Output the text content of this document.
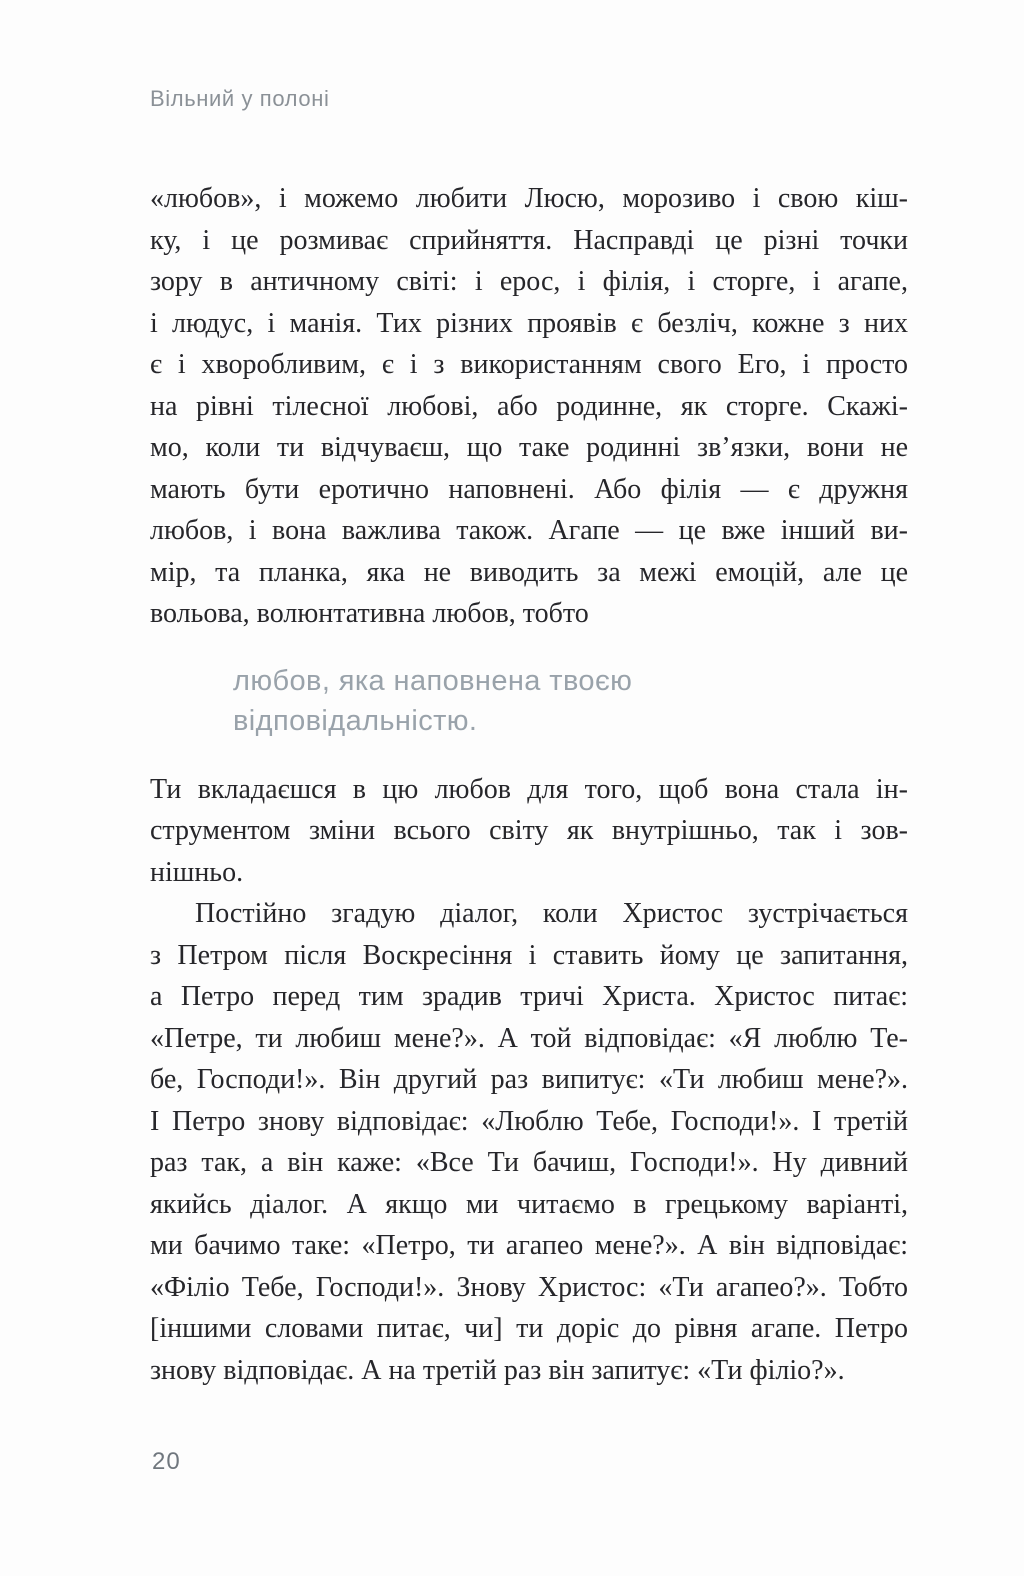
Вільний у полоні
«любов», і можемо любити Люсю, морозиво і свою кіш-
ку, і це розмиває сприйняття. Насправді це різні точки
зору в античному світі: і ерос, і філія, і сторге, і агапе,
і людус, і манія. Тих різних проявів є безліч, кожне з них
є і хворобливим, є і з використанням свого Его, і просто
на рівні тілесної любові, або родинне, як сторге. Скажі-
мо, коли ти відчуваєш, що таке родинні зв’язки, вони не
мають бути еротично наповнені. Або філія — є дружня
любов, і вона важлива також. Агапе — це вже інший ви-
мір, та планка, яка не виводить за межі емоцій, але це
вольова, волюнтативна любов, тобто
любов, яка наповнена твоєю
відповідальністю.
Ти вкладаєшся в цю любов для того, щоб вона стала ін-
струментом зміни всього світу як внутрішньо, так і зов-
нішньо.
Постійно згадую діалог, коли Христос зустрічається
з Петром після Воскресіння і ставить йому це запитання,
а Петро перед тим зрадив тричі Христа. Христос питає:
«Петре, ти любиш мене?». А той відповідає: «Я люблю Те-
бе, Господи!». Він другий раз випитує: «Ти любиш мене?».
І Петро знову відповідає: «Люблю Тебе, Господи!». І третій
раз так, а він каже: «Все Ти бачиш, Господи!». Ну дивний
якийсь діалог. А якщо ми читаємо в грецькому варіанті,
ми бачимо таке: «Петро, ти агапео мене?». А він відповідає:
«Філіо Тебе, Господи!». Знову Христос: «Ти агапео?». Тобто
[іншими словами питає, чи] ти доріс до рівня агапе. Петро
знову відповідає. А на третій раз він запитує: «Ти філіо?».
20
